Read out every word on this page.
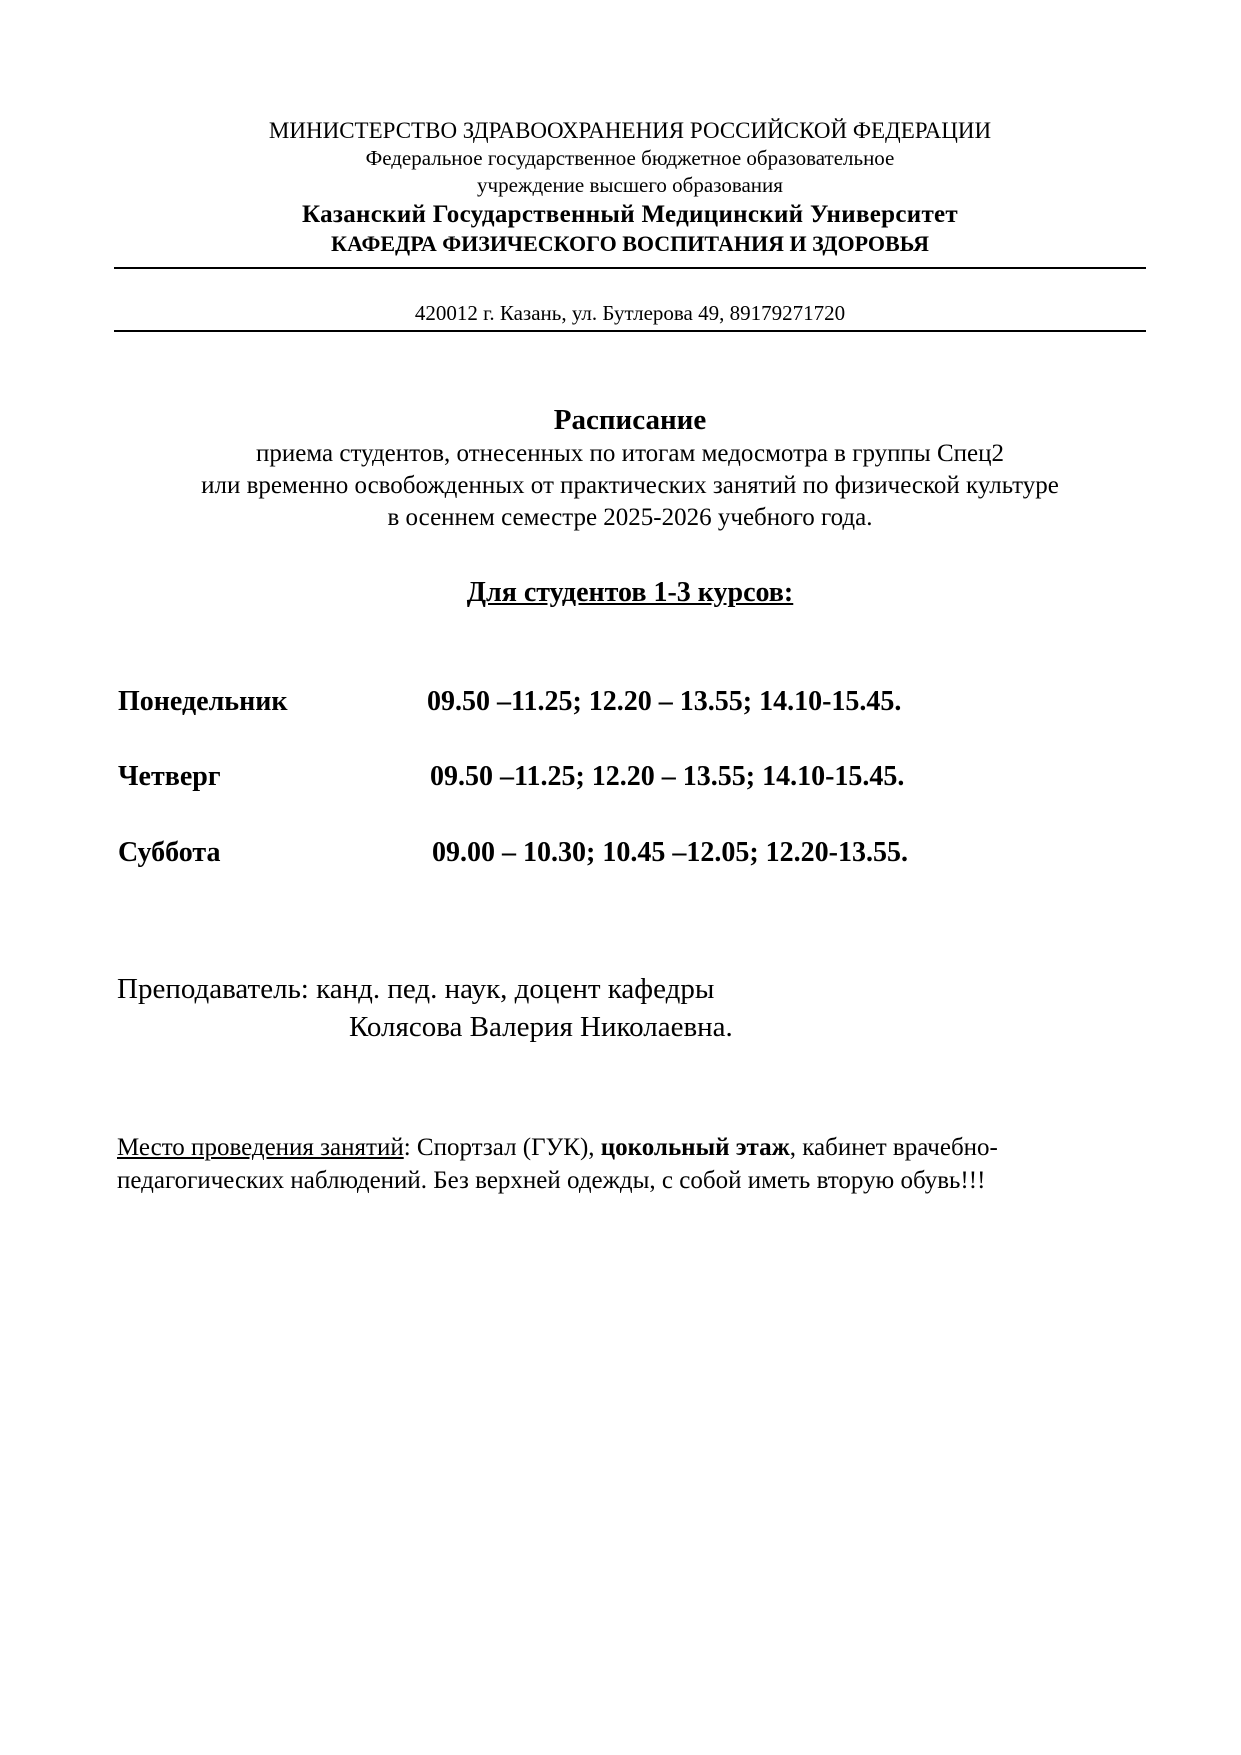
МИНИСТЕРСТВО ЗДРАВООХРАНЕНИЯ РОССИЙСКОЙ ФЕДЕРАЦИИ
Федеральное государственное бюджетное образовательное
учреждение высшего образования
Казанский Государственный Медицинский Университет
КАФЕДРА ФИЗИЧЕСКОГО ВОСПИТАНИЯ И ЗДОРОВЬЯ
420012 г. Казань, ул. Бутлерова 49, 89179271720
Расписание
приема студентов, отнесенных по итогам медосмотра в группы Спец2
или временно освобожденных от практических занятий по физической культуре
в осеннем семестре 2025-2026 учебного года.
Для студентов 1-3 курсов:
Понедельник	09.50 –11.25; 12.20 – 13.55; 14.10-15.45.
Четверг	09.50 –11.25; 12.20 – 13.55; 14.10-15.45.
Суббота	09.00 – 10.30; 10.45 –12.05; 12.20-13.55.
Преподаватель: канд. пед. наук, доцент кафедры
Колясова Валерия Николаевна.
Место проведения занятий: Спортзал (ГУК), цокольный этаж, кабинет врачебно-педагогических наблюдений. Без верхней одежды, с собой иметь вторую обувь!!!
